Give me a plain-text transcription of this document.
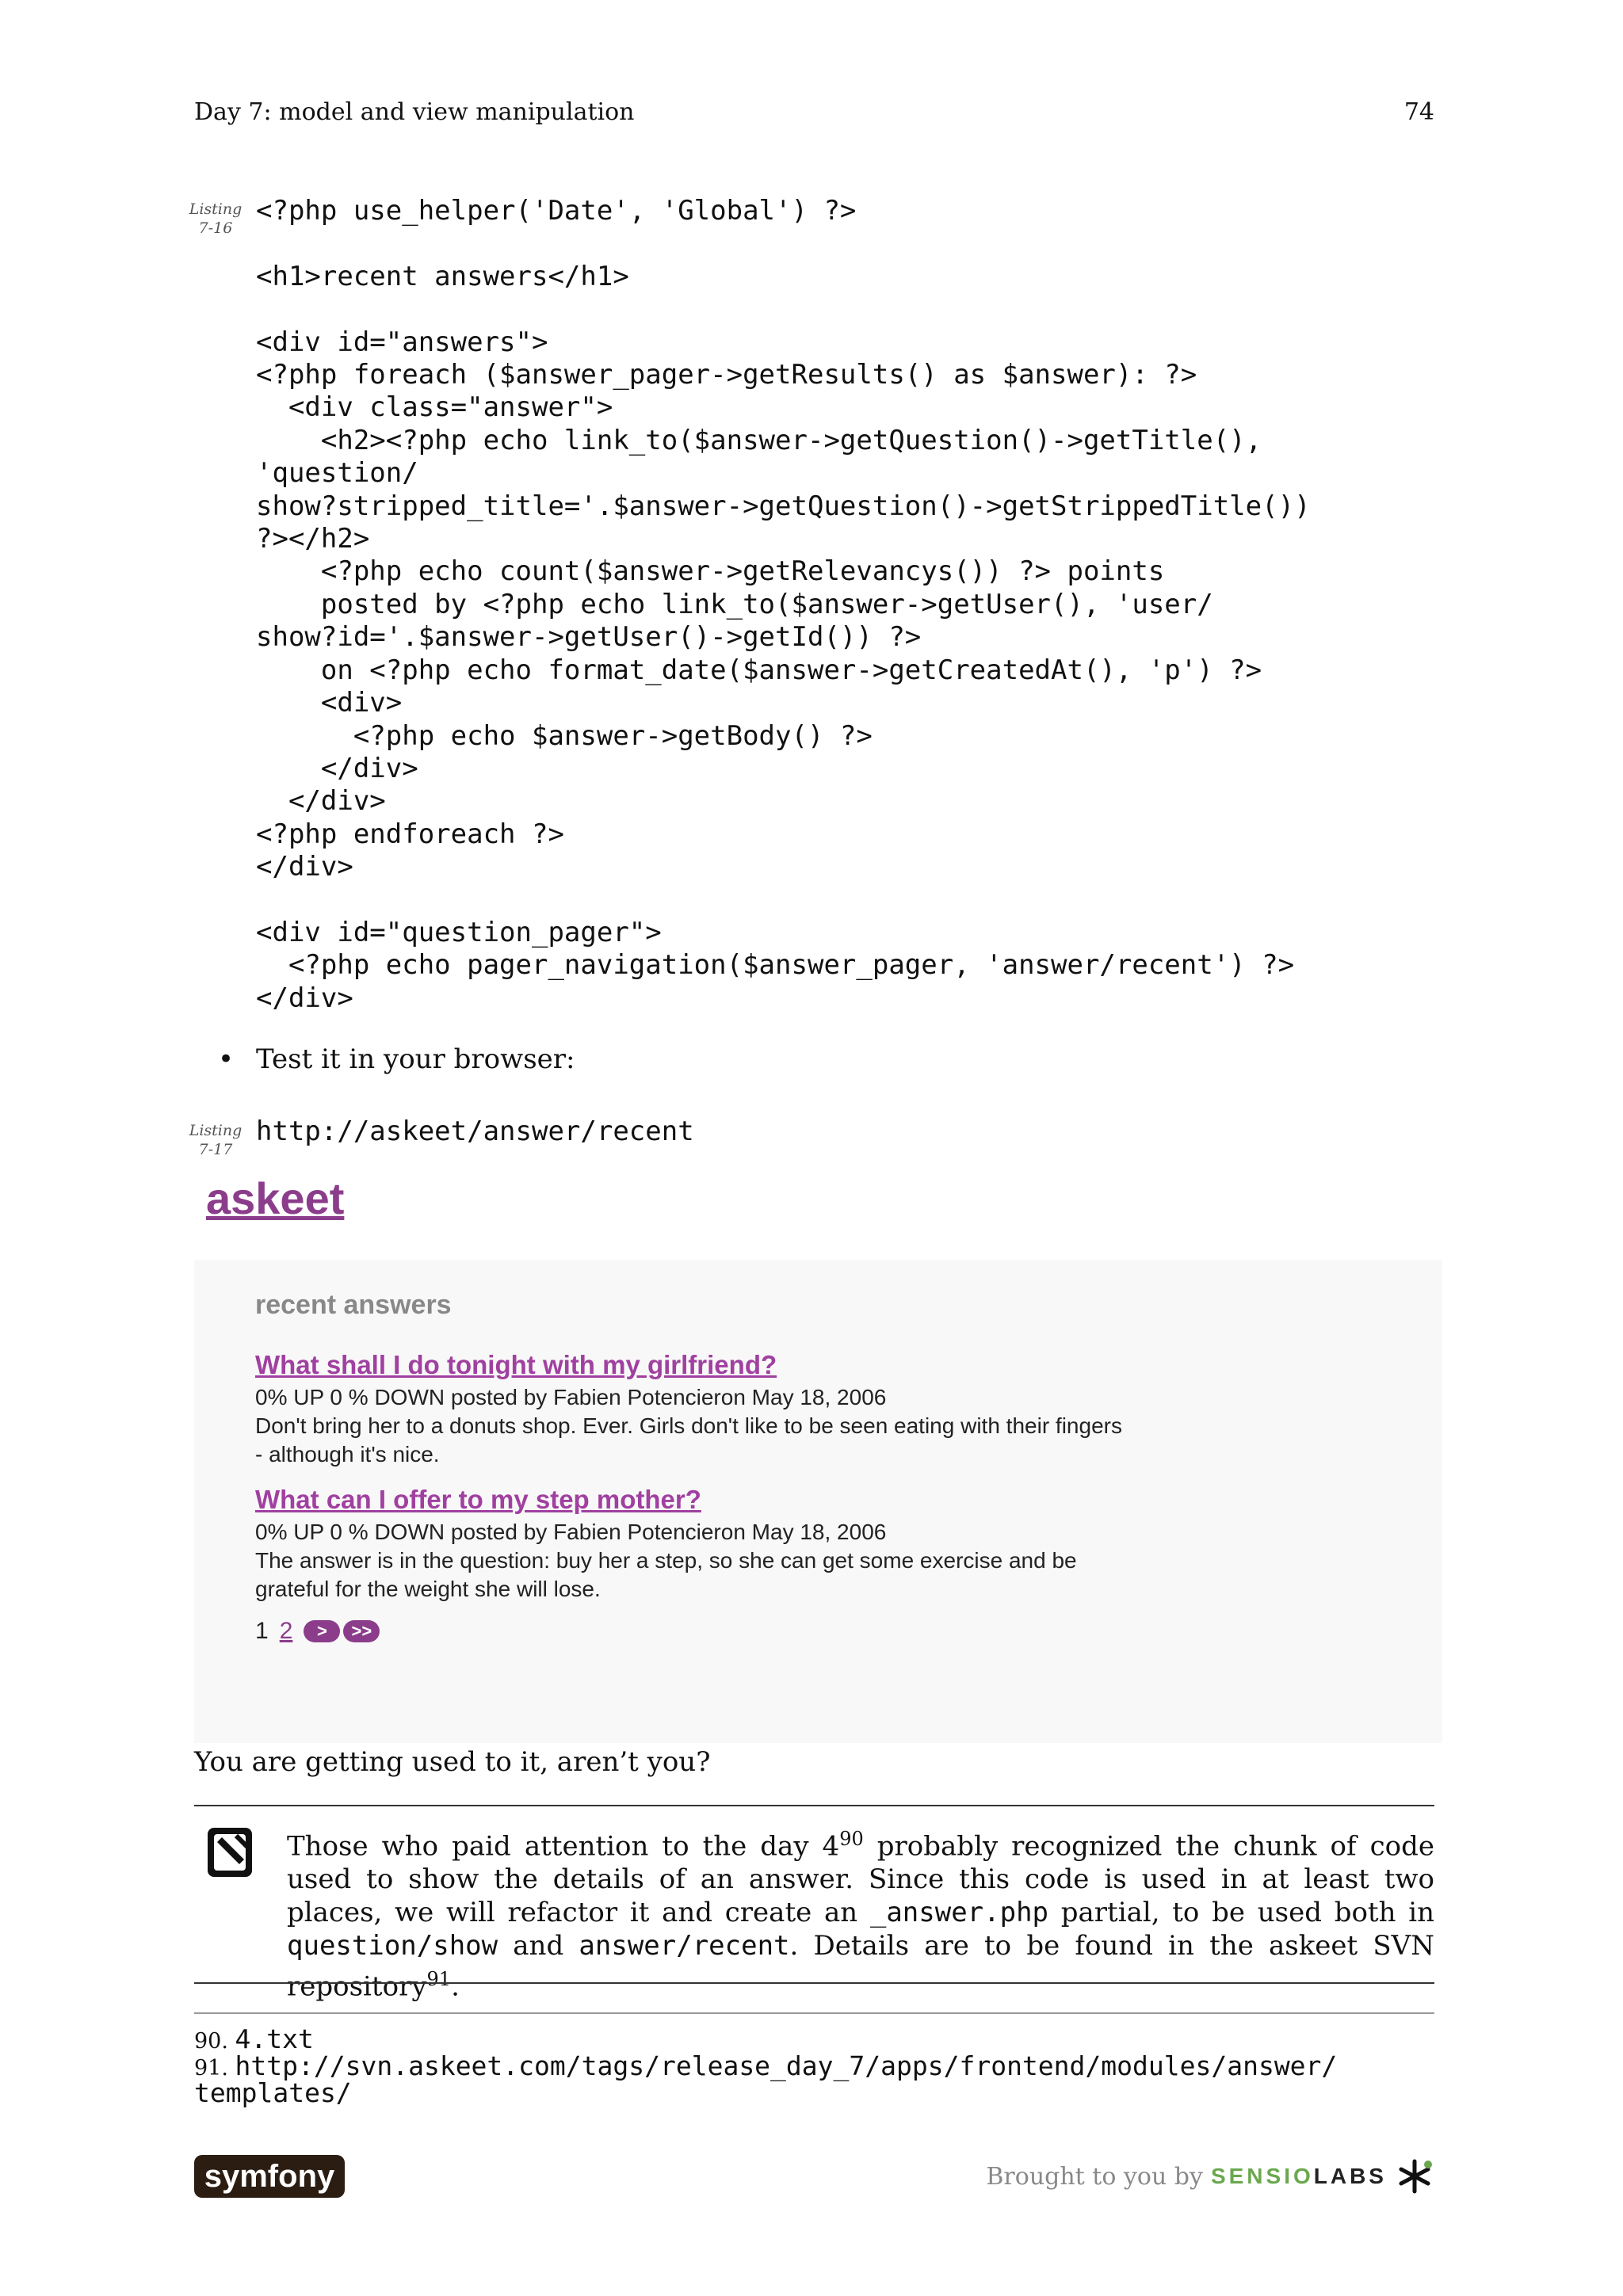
Day 7: model and view manipulation	74
Listing
7-16
<?php use_helper('Date', 'Global') ?>

<h1>recent answers</h1>

<div id="answers">
<?php foreach ($answer_pager->getResults() as $answer): ?>
<div class="answer">
<h2><?php echo link_to($answer->getQuestion()->getTitle(),
'question/
show?stripped_title='.$answer->getQuestion()->getStrippedTitle())
?></h2>
<?php echo count($answer->getRelevancys()) ?> points
posted by <?php echo link_to($answer->getUser(), 'user/
show?id='.$answer->getUser()->getId()) ?>
on <?php echo format_date($answer->getCreatedAt(), 'p') ?>
<div>
<?php echo $answer->getBody() ?>
</div>
</div>
<?php endforeach ?>
</div>

<div id="question_pager">
<?php echo pager_navigation($answer_pager, 'answer/recent') ?>
</div>
• Test it in your browser:
Listing
7-17
http://askeet/answer/recent
askeet
recent answers
What shall I do tonight with my girlfriend?
0% UP 0 % DOWN posted by Fabien Potencieron May 18, 2006
Don't bring her to a donuts shop. Ever. Girls don't like to be seen eating with their fingers
- although it's nice.
What can I offer to my step mother?
0% UP 0 % DOWN posted by Fabien Potencieron May 18, 2006
The answer is in the question: buy her a step, so she can get some exercise and be
grateful for the weight she will lose.
1 2	>	>>
You are getting used to it, aren’t you?
Those who paid attention to the day $4^{90}$ probably recognized the chunk of code used to show the details of an answer. Since this code is used in at least two places, we will refactor it and create an _answer.php partial, to be used both in question/show and answer/recent. Details are to be found in the askeet SVN repository$^{91}$.
90. 4.txt
91. http://svn.askeet.com/tags/release_day_7/apps/frontend/modules/answer/
templates/
symfony	Brought to you by SENSIOLABS
